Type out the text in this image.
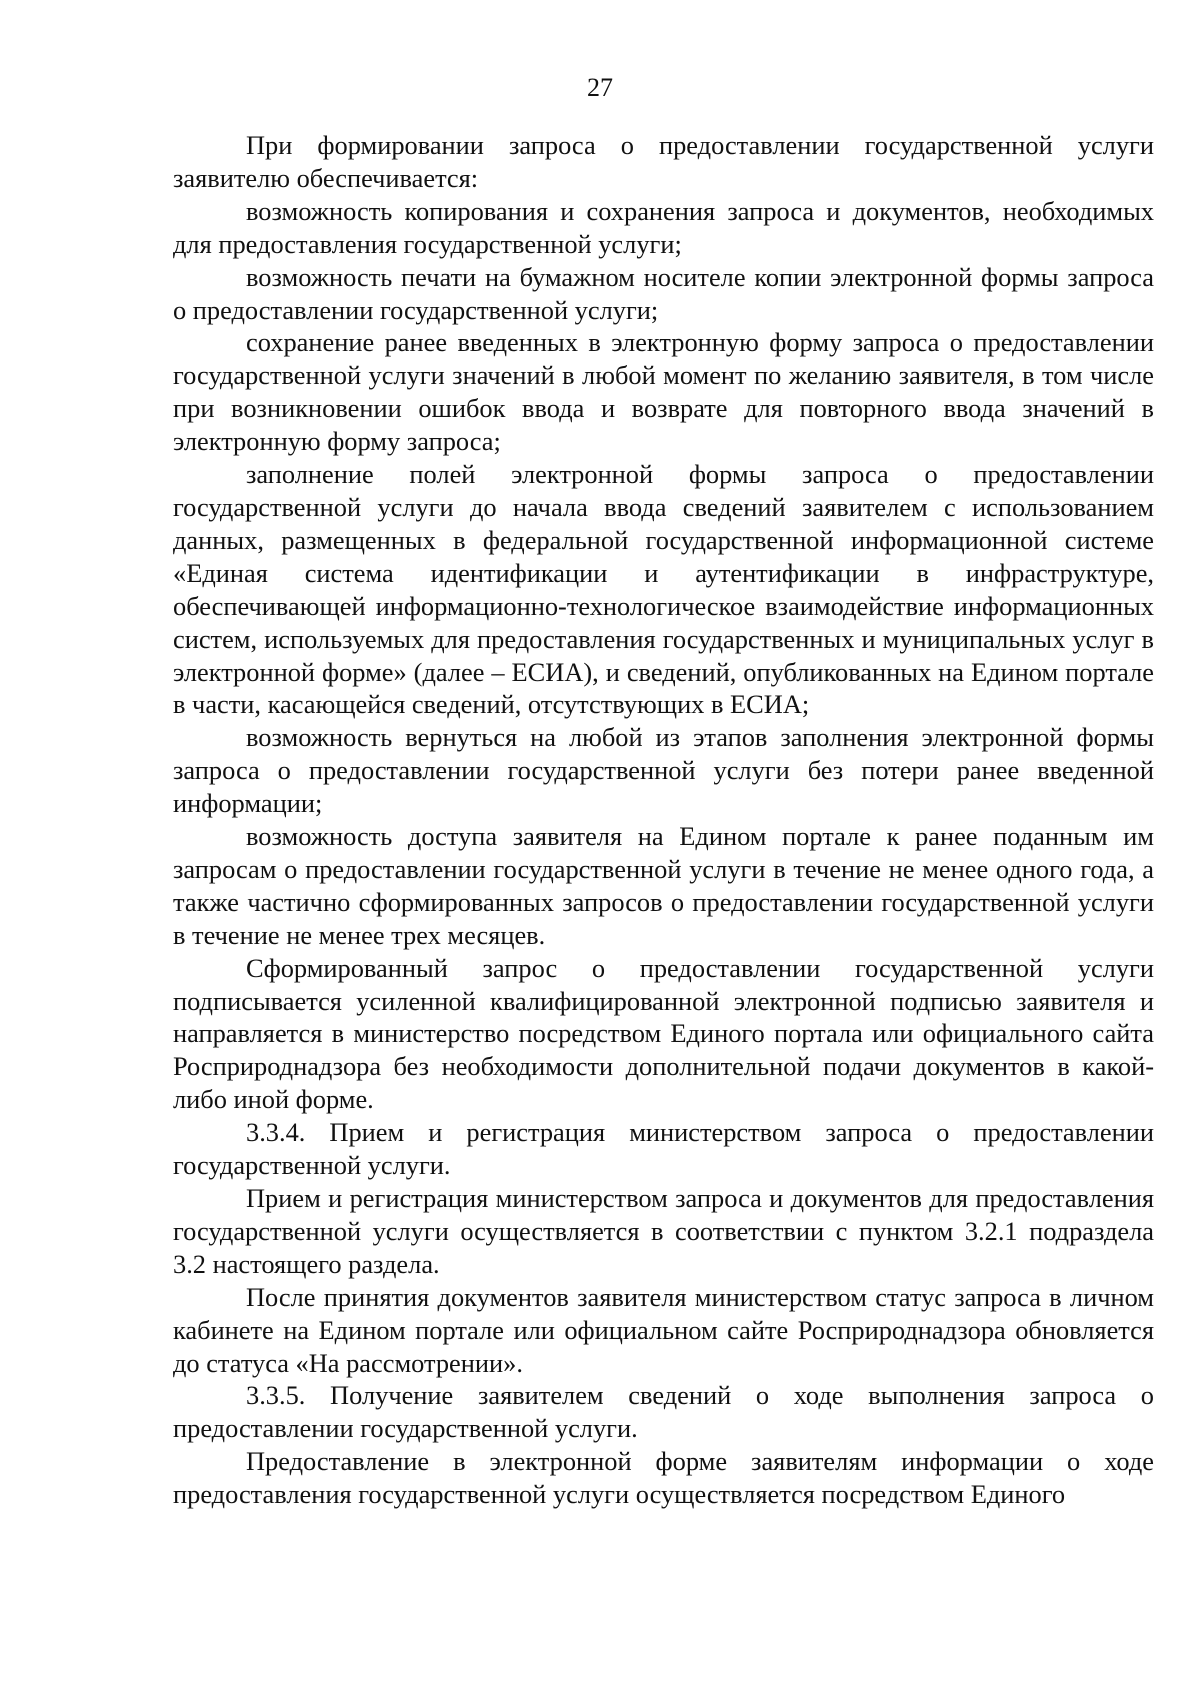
27

При формировании запроса о предоставлении государственной услуги заявителю обеспечивается:

возможность копирования и сохранения запроса и документов, необходимых для предоставления государственной услуги;

возможность печати на бумажном носителе копии электронной формы запроса о предоставлении государственной услуги;

сохранение ранее введенных в электронную форму запроса о предоставлении государственной услуги значений в любой момент по желанию заявителя, в том числе при возникновении ошибок ввода и возврате для повторного ввода значений в электронную форму запроса;

заполнение полей электронной формы запроса о предоставлении государственной услуги до начала ввода сведений заявителем с использованием данных, размещенных в федеральной государственной информационной системе «Единая система идентификации и аутентификации в инфраструктуре, обеспечивающей информационно-технологическое взаимодействие информационных систем, используемых для предоставления государственных и муниципальных услуг в электронной форме» (далее – ЕСИА), и сведений, опубликованных на Едином портале в части, касающейся сведений, отсутствующих в ЕСИА;

возможность вернуться на любой из этапов заполнения электронной формы запроса о предоставлении государственной услуги без потери ранее введенной информации;

возможность доступа заявителя на Едином портале к ранее поданным им запросам о предоставлении государственной услуги в течение не менее одного года, а также частично сформированных запросов о предоставлении государственной услуги в течение не менее трех месяцев.

Сформированный запрос о предоставлении государственной услуги подписывается усиленной квалифицированной электронной подписью заявителя и направляется в министерство посредством Единого портала или официального сайта Росприроднадзора без необходимости дополнительной подачи документов в какой-либо иной форме.

3.3.4. Прием и регистрация министерством запроса о предоставлении государственной услуги.

Прием и регистрация министерством запроса и документов для предоставления государственной услуги осуществляется в соответствии с пунктом 3.2.1 подраздела 3.2 настоящего раздела.

После принятия документов заявителя министерством статус запроса в личном кабинете на Едином портале или официальном сайте Росприроднадзора обновляется до статуса «На рассмотрении».

3.3.5. Получение заявителем сведений о ходе выполнения запроса о предоставлении государственной услуги.

Предоставление в электронной форме заявителям информации о ходе предоставления государственной услуги осуществляется посредством Единого
